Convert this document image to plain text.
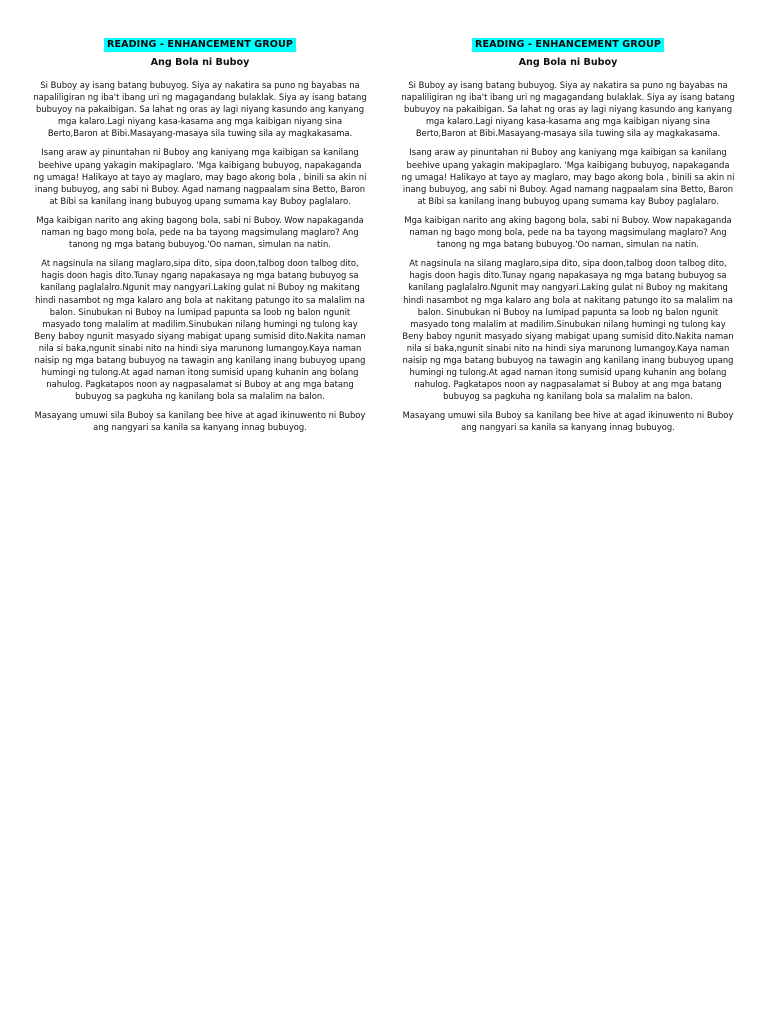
READING - ENHANCEMENT GROUP
Ang Bola ni Buboy

Si Buboy ay isang batang bubuyog. Siya ay nakatira sa puno ng bayabas na napaliligiran ng iba't ibang uri ng magagandang bulaklak. Siya ay isang batang bubuyoy na pakaibigan. Sa lahat ng oras ay lagi niyang kasundo ang kanyang mga kalaro.Lagi niyang kasa-kasama ang mga kaibigan niyang sina Berto,Baron at Bibi.Masayang-masaya sila tuwing sila ay magkakasama.

Isang araw ay pinuntahan ni Buboy ang kaniyang mga kaibigan sa kanilang beehive upang yakagin makipaglaro. 'Mga kaibigang bubuyog, napakaganda ng umaga! Halikayo at tayo ay maglaro, may bago akong bola , binili sa akin ni inang bubuyog, ang sabi ni Buboy. Agad namang nagpaalam sina Betto, Baron at Bibi sa kanilang inang bubuyog upang sumama kay Buboy paglalaro.

Mga kaibigan narito ang aking bagong bola, sabi ni Buboy. Wow napakaganda naman ng bago mong bola, pede na ba tayong magsimulang maglaro? Ang tanong ng mga batang bubuyog.'Oo naman, simulan na natin.

At nagsinula na silang maglaro,sipa dito, sipa doon,talbog doon talbog dito, hagis doon hagis dito.Tunay ngang napakasaya ng mga batang bubuyog sa kanilang paglalalro.Ngunit may nangyari.Laking gulat ni Buboy ng makitang hindi nasambot ng mga kalaro ang bola at nakitang patungo ito sa malalim na balon. Sinubukan ni Buboy na lumipad papunta sa loob ng balon ngunit masyado tong malalim at madilim.Sinubukan nilang humingi ng tulong kay Beny baboy ngunit masyado siyang mabigat upang sumisid dito.Nakita naman nila si baka,ngunit sinabi nito na hindi siya marunong lumangoy.Kaya naman naisip ng mga batang bubuyog na tawagin ang kanilang inang bubuyog upang humingi ng tulong.At agad naman itong sumisid upang kuhanin ang bolang nahulog. Pagkatapos noon ay nagpasalamat si Buboy at ang mga batang bubuyog sa pagkuha ng kanilang bola sa malalim na balon.

Masayang umuwi sila Buboy sa kanilang bee hive at agad ikinuwento ni Buboy ang nangyari sa kanila sa kanyang innag bubuyog.

READING - ENHANCEMENT GROUP
Ang Bola ni Buboy

Si Buboy ay isang batang bubuyog. Siya ay nakatira sa puno ng bayabas na napaliligiran ng iba't ibang uri ng magagandang bulaklak. Siya ay isang batang bubuyoy na pakaibigan. Sa lahat ng oras ay lagi niyang kasundo ang kanyang mga kalaro.Lagi niyang kasa-kasama ang mga kaibigan niyang sina Berto,Baron at Bibi.Masayang-masaya sila tuwing sila ay magkakasama.

Isang araw ay pinuntahan ni Buboy ang kaniyang mga kaibigan sa kanilang beehive upang yakagin makipaglaro. 'Mga kaibigang bubuyog, napakaganda ng umaga! Halikayo at tayo ay maglaro, may bago akong bola , binili sa akin ni inang bubuyog, ang sabi ni Buboy. Agad namang nagpaalam sina Betto, Baron at Bibi sa kanilang inang bubuyog upang sumama kay Buboy paglalaro.

Mga kaibigan narito ang aking bagong bola, sabi ni Buboy. Wow napakaganda naman ng bago mong bola, pede na ba tayong magsimulang maglaro? Ang tanong ng mga batang bubuyog.'Oo naman, simulan na natin.

At nagsinula na silang maglaro,sipa dito, sipa doon,talbog doon talbog dito, hagis doon hagis dito.Tunay ngang napakasaya ng mga batang bubuyog sa kanilang paglalalro.Ngunit may nangyari.Laking gulat ni Buboy ng makitang hindi nasambot ng mga kalaro ang bola at nakitang patungo ito sa malalim na balon. Sinubukan ni Buboy na lumipad papunta sa loob ng balon ngunit masyado tong malalim at madilim.Sinubukan nilang humingi ng tulong kay Beny baboy ngunit masyado siyang mabigat upang sumisid dito.Nakita naman nila si baka,ngunit sinabi nito na hindi siya marunong lumangoy.Kaya naman naisip ng mga batang bubuyog na tawagin ang kanilang inang bubuyog upang humingi ng tulong.At agad naman itong sumisid upang kuhanin ang bolang nahulog. Pagkatapos noon ay nagpasalamat si Buboy at ang mga batang bubuyog sa pagkuha ng kanilang bola sa malalim na balon.

Masayang umuwi sila Buboy sa kanilang bee hive at agad ikinuwento ni Buboy ang nangyari sa kanila sa kanyang innag bubuyog.
